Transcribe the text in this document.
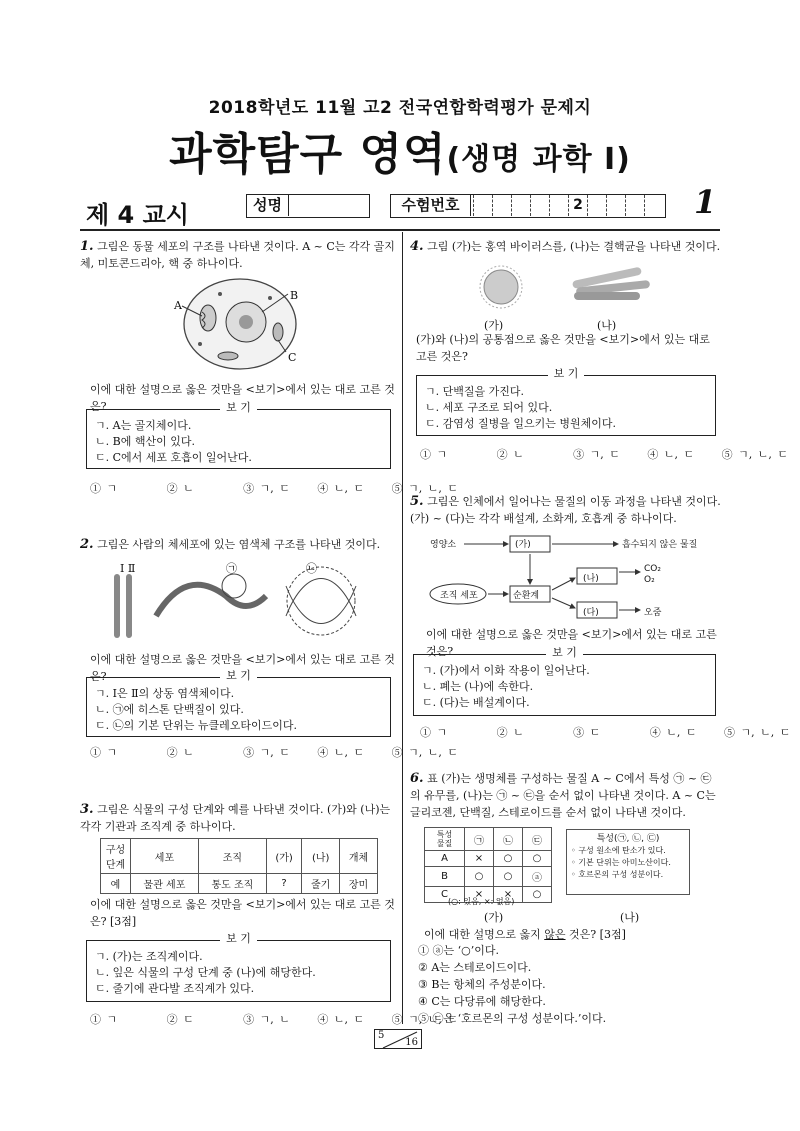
2018학년도 11월 고2 전국연합학력평가 문제지
과학탐구 영역(생명 과학 Ⅰ)
제 4 교시	성명	수험번호	2	1
1. 그림은 동물 세포의 구조를 나타낸 것이다. A ~ C는 각각 골지체, 미토콘드리아, 핵 중 하나이다.
A
B
C
이에 대한 설명으로 옳은 것만을 <보기>에서 있는 대로 고른 것은?	보 기
ㄱ. A는 골지체이다.
ㄴ. B에 핵산이 있다.
ㄷ. C에서 세포 호흡이 일어난다.
① ㄱ         ② ㄴ         ③ ㄱ, ㄷ     ④ ㄴ, ㄷ     ⑤ ㄱ, ㄴ, ㄷ
2. 그림은 사람의 체세포에 있는 염색체 구조를 나타낸 것이다.
Ⅰ Ⅱ	㉠	㉡
이에 대한 설명으로 옳은 것만을 <보기>에서 있는 대로 고른 것은?	보 기
ㄱ. Ⅰ은 Ⅱ의 상동 염색체이다.
ㄴ. ㉠에 히스톤 단백질이 있다.
ㄷ. ㉡의 기본 단위는 뉴클레오타이드이다.
① ㄱ         ② ㄴ         ③ ㄱ, ㄷ     ④ ㄴ, ㄷ     ⑤ ㄱ, ㄴ, ㄷ
3. 그림은 식물의 구성 단계와 예를 나타낸 것이다. (가)와 (나)는 각각 기관과 조직계 중 하나이다.
구성 단계	세포	조직	(가)	(나)	개체
예	물관 세포	통도 조직	?	줄기	장미
이에 대한 설명으로 옳은 것만을 <보기>에서 있는 대로 고른 것은? [3점]
보 기
ㄱ. (가)는 조직계이다.
ㄴ. 잎은 식물의 구성 단계 중 (나)에 해당한다.
ㄷ. 줄기에 관다발 조직계가 있다.
① ㄱ         ② ㄷ         ③ ㄱ, ㄴ     ④ ㄴ, ㄷ     ⑤ ㄱ, ㄴ, ㄷ
4. 그림 (가)는 홍역 바이러스를, (나)는 결핵균을 나타낸 것이다.
(가)	(나)
(가)와 (나)의 공통점으로 옳은 것만을 <보기>에서 있는 대로 고른 것은?
보 기
ㄱ. 단백질을 가진다.
ㄴ. 세포 구조로 되어 있다.
ㄷ. 감염성 질병을 일으키는 병원체이다.
① ㄱ         ② ㄴ         ③ ㄱ, ㄷ     ④ ㄴ, ㄷ     ⑤ ㄱ, ㄴ, ㄷ
5. 그림은 인체에서 일어나는 물질의 이동 과정을 나타낸 것이다. (가) ~ (다)는 각각 배설계, 소화계, 호흡계 중 하나이다.
영양소	(가)	흡수되지 않은 물질
조직 세포	순환계
(나)
CO₂
O₂
(다)	오줌
이에 대한 설명으로 옳은 것만을 <보기>에서 있는 대로 고른 것은?	보 기
ㄱ. (가)에서 이화 작용이 일어난다.
ㄴ. 폐는 (나)에 속한다.
ㄷ. (다)는 배설계이다.
① ㄱ         ② ㄴ         ③ ㄷ         ④ ㄴ, ㄷ     ⑤ ㄱ, ㄴ, ㄷ
6. 표 (가)는 생명체를 구성하는 물질 A ~ C에서 특성 ㉠ ~ ㉢의 유무를, (나)는 ㉠ ~ ㉢을 순서 없이 나타낸 것이다. A ~ C는 글리코젠, 단백질, 스테로이드를 순서 없이 나타낸 것이다.
특성
물질	㉠	㉡	㉢
A	×	○	○
B	○	○	ⓐ
C	×	×	○
(○: 있음, ×: 없음)
특성(㉠, ㉡, ㉢)
◦ 구성 원소에 탄소가 있다.
◦ 기본 단위는 아미노산이다.
◦ 호르몬의 구성 성분이다.
(가)	(나)
이에 대한 설명으로 옳지 않은 것은? [3점]
① ⓐ는 ‘○’이다.
② A는 스테로이드이다.
③ B는 항체의 주성분이다.
④ C는 다당류에 해당한다.
⑤ ㉢은 ‘호르몬의 구성 성분이다.’이다.
5
16
